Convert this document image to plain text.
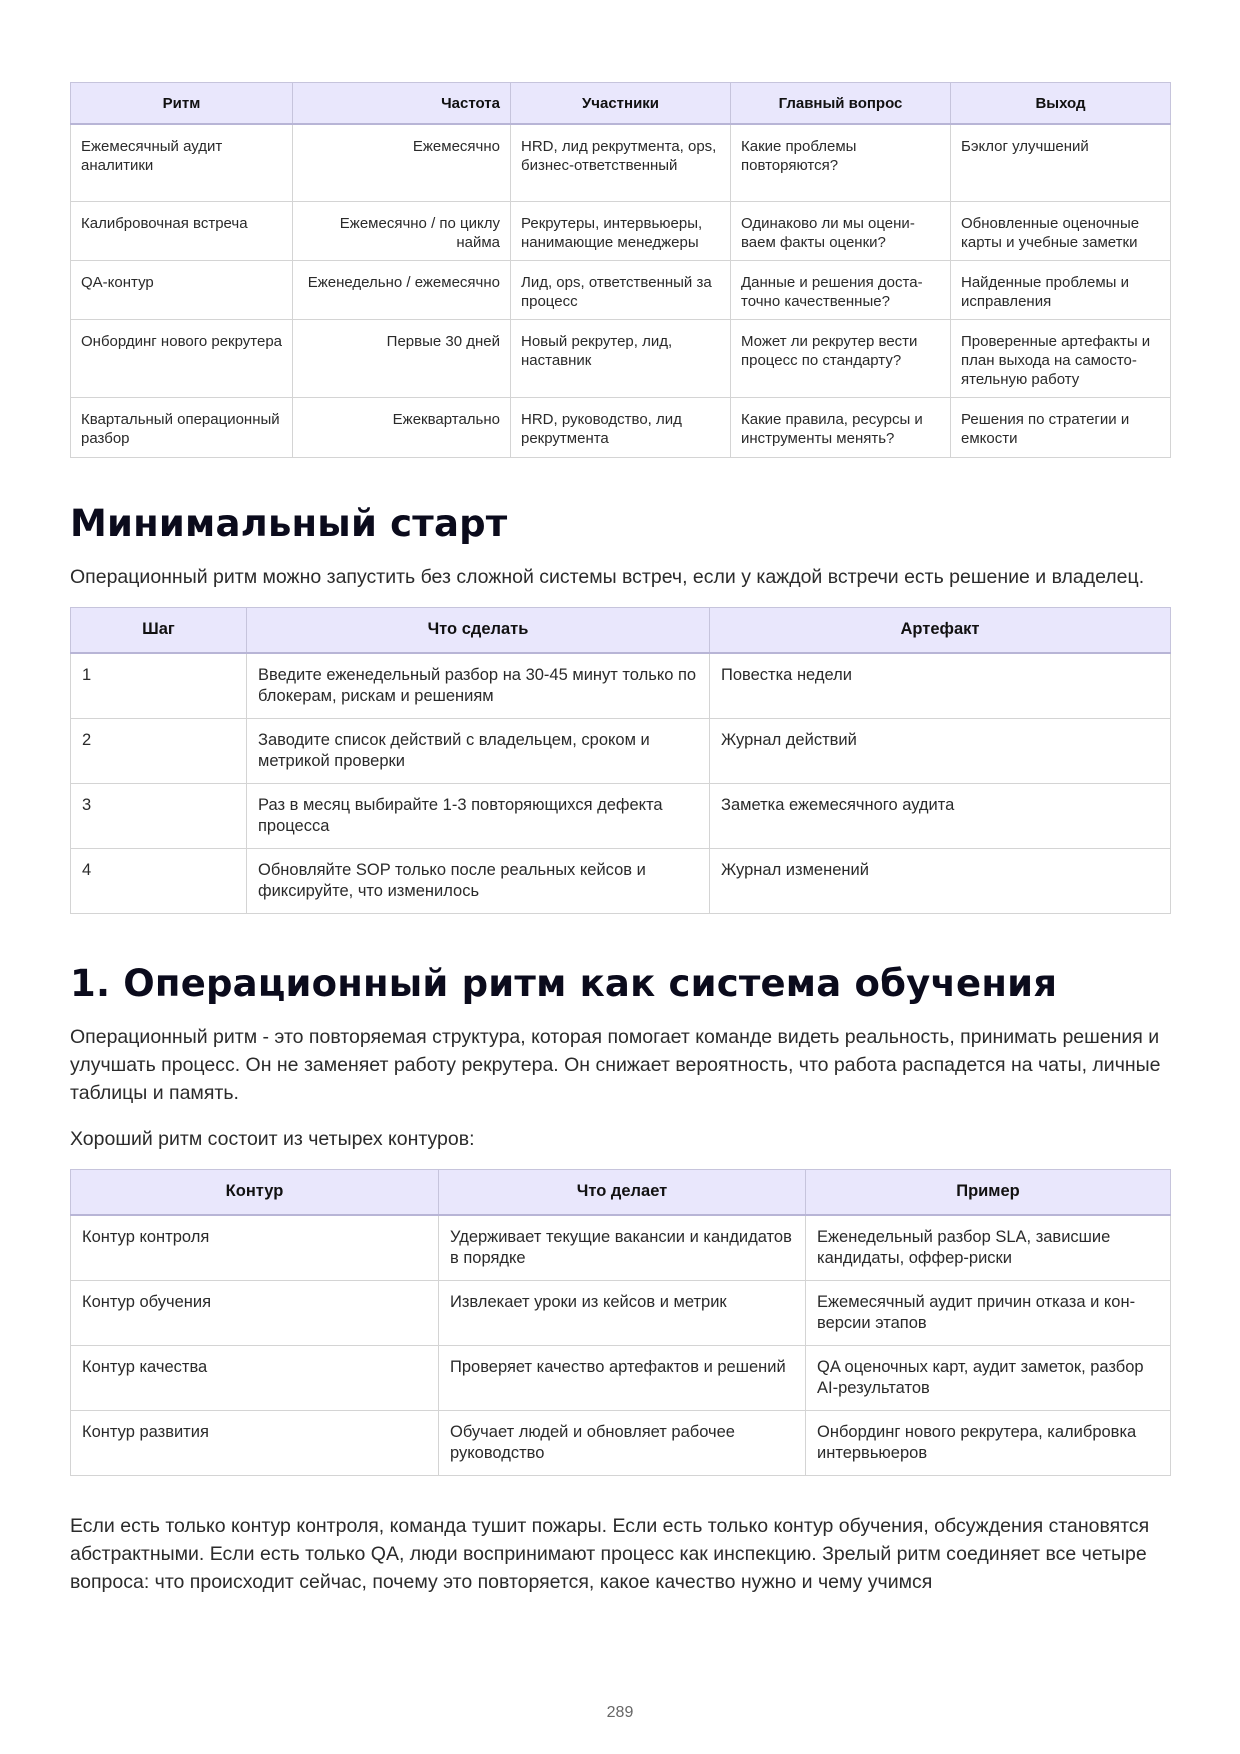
Ритм	Частота	Участники	Главный вопрос	Выход
Ежемесячный аудит аналитики	Ежемесячно	HRD, лид рекрутмента, ops, бизнес-ответственный	Какие проблемы повторяются?	Бэклог улучшений
Калибровочная встреча	Ежемесячно / по циклу найма	Рекрутеры, интервьюеры, нанимающие менеджеры	Одинаково ли мы оцениваем факты оценки?	Обновленные оценочные карты и учебные заметки
QA-контур	Еженедельно / ежемесячно	Лид, ops, ответственный за процесс	Данные и решения достаточно качественные?	Найденные проблемы и исправления
Онбординг нового рекрутера	Первые 30 дней	Новый рекрутер, лид, наставник	Может ли рекрутер вести процесс по стандарту?	Проверенные артефакты и план выхода на самостоятельную работу
Квартальный операционный разбор	Ежеквартально	HRD, руководство, лид рекрутмента	Какие правила, ресурсы и инструменты менять?	Решения по стратегии и емкости
Минимальный старт

Операционный ритм можно запустить без сложной системы встреч, если у каждой встречи есть решение и владелец.

Шаг	Что сделать	Артефакт
1	Введите еженедельный разбор на 30-45 минут только по блокерам, рискам и решениям	Повестка недели
2	Заводите список действий с владельцем, сроком и метрикой проверки	Журнал действий
3	Раз в месяц выбирайте 1-3 повторяющихся дефекта процесса	Заметка ежемесячного аудита
4	Обновляйте SOP только после реальных кейсов и фиксируйте, что изменилось	Журнал изменений
1. Операционный ритм как система обучения

Операционный ритм - это повторяемая структура, которая помогает команде видеть реальность, принимать решения и улучшать процесс. Он не заменяет работу рекрутера. Он снижает вероятность, что работа распадется на чаты, личные таблицы и память.

Хороший ритм состоит из четырех контуров:

Контур	Что делает	Пример
Контур контроля	Удерживает текущие вакансии и кандидатов в порядке	Еженедельный разбор SLA, зависшие кандидаты, оффер-риски
Контур обучения	Извлекает уроки из кейсов и метрик	Ежемесячный аудит причин отказа и конверсии этапов
Контур качества	Проверяет качество артефактов и решений	QA оценочных карт, аудит заметок, разбор AI-результатов
Контур развития	Обучает людей и обновляет рабочее руководство	Онбординг нового рекрутера, калибровка интервьюеров

Если есть только контур контроля, команда тушит пожары. Если есть только контур обучения, обсуждения становятся абстрактными. Если есть только QA, люди воспринимают процесс как инспекцию. Зрелый ритм соединяет все четыре вопроса: что происходит сейчас, почему это повторяется, какое качество нужно и чему учимся

289
